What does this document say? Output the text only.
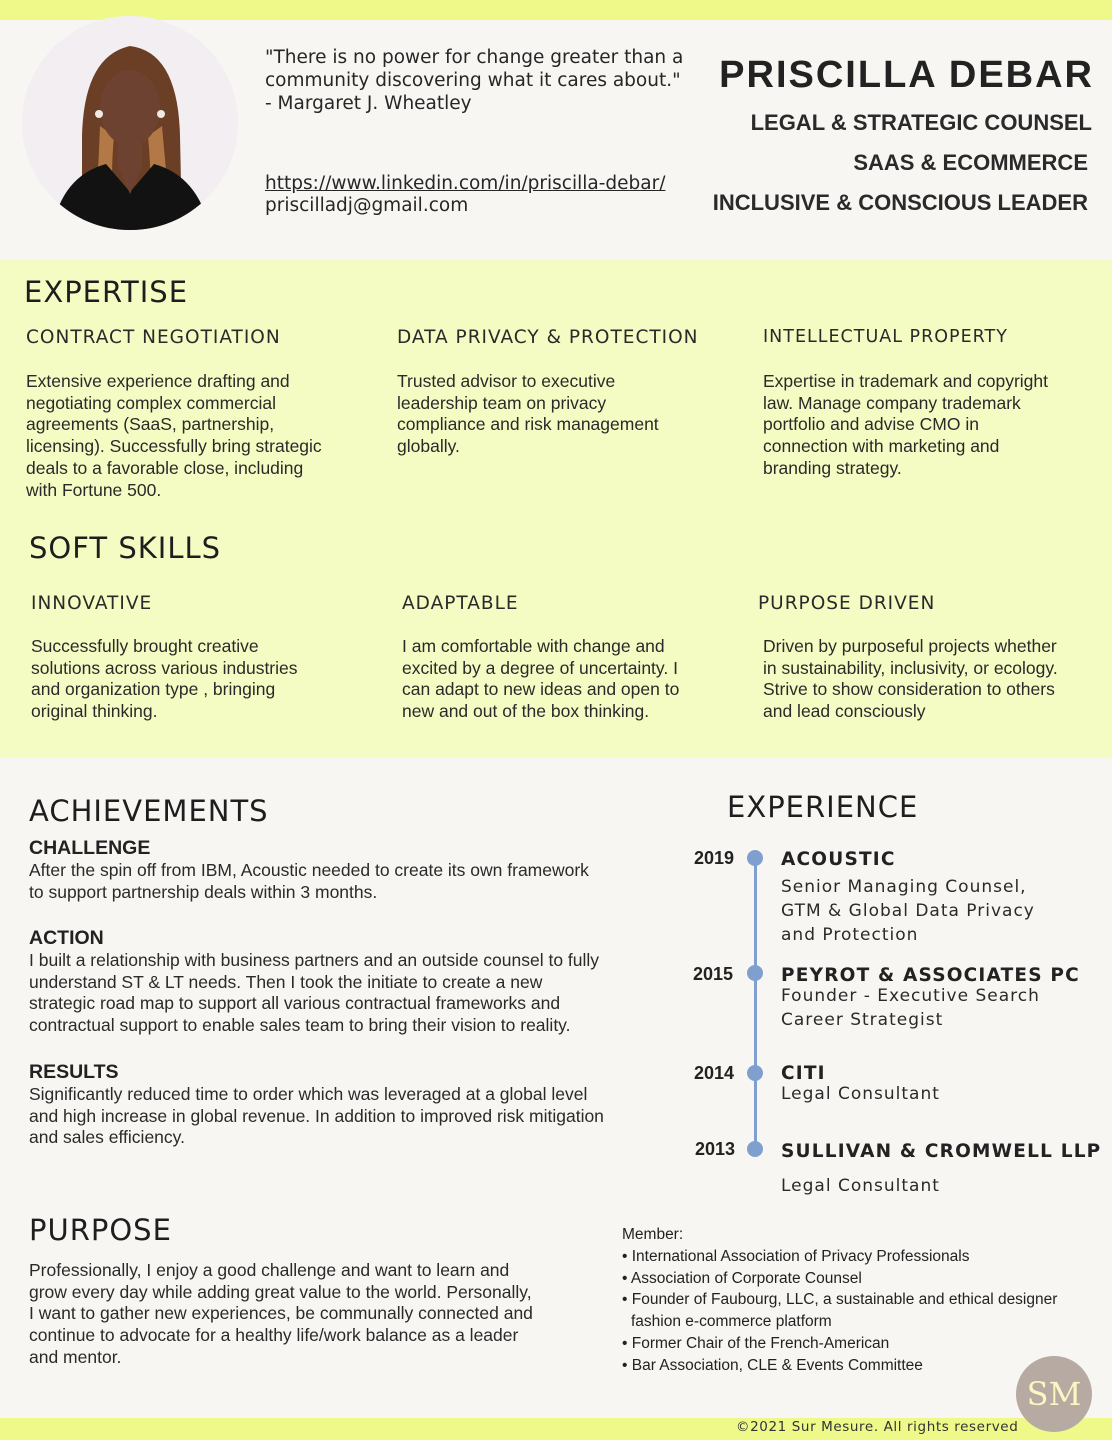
"There is no power for change greater than a
community discovering what it cares about."
- Margaret J. Wheatley
https://www.linkedin.com/in/priscilla-debar/
priscilladj@gmail.com
PRISCILLA DEBAR
LEGAL & STRATEGIC COUNSEL
SAAS & ECOMMERCE
INCLUSIVE & CONSCIOUS LEADER
EXPERTISE
CONTRACT NEGOTIATION
Extensive experience drafting and
negotiating complex commercial
agreements (SaaS, partnership,
licensing). Successfully bring strategic
deals to a favorable close, including
with Fortune 500.
DATA PRIVACY & PROTECTION
Trusted advisor to executive
leadership team on privacy
compliance and risk management
globally.
INTELLECTUAL PROPERTY
Expertise in trademark and copyright
law. Manage company trademark
portfolio and advise CMO in
connection with marketing and
branding strategy.
SOFT SKILLS
INNOVATIVE
Successfully brought creative
solutions across various industries
and organization type , bringing
original thinking.
ADAPTABLE
I am comfortable with change and
excited by a degree of uncertainty. I
can adapt to new ideas and open to
new and out of the box thinking.
PURPOSE DRIVEN
Driven by purposeful projects whether
in sustainability, inclusivity, or ecology.
Strive to show consideration to others
and lead consciously
ACHIEVEMENTS
CHALLENGE
After the spin off from IBM, Acoustic needed to create its own framework
to support partnership deals within 3 months.
ACTION
I built a relationship with business partners and an outside counsel to fully
understand ST & LT needs. Then I took the initiate to create a new
strategic road map to support all various contractual frameworks and
contractual support to enable sales team to bring their vision to reality.
RESULTS
Significantly reduced time to order which was leveraged at a global level
and high increase in global revenue. In addition to improved risk mitigation
and sales efficiency.
EXPERIENCE
2019	ACOUSTIC
Senior Managing Counsel,
GTM & Global Data Privacy
and Protection
2015	PEYROT & ASSOCIATES PC
Founder - Executive Search
Career Strategist
2014	CITI
Legal Consultant
2013 SULLIVAN & CROMWELL LLP
Legal Consultant
PURPOSE
Professionally, I enjoy a good challenge and want to learn and
grow every day while adding great value to the world. Personally,
I want to gather new experiences, be communally connected and
continue to advocate for a healthy life/work balance as a leader
and mentor.
Member:
• International Association of Privacy Professionals
• Association of Corporate Counsel
• Founder of Faubourg, LLC, a sustainable and ethical designer
fashion e-commerce platform
• Former Chair of the French-American
• Bar Association, CLE & Events Committee
SM
©2021 Sur Mesure. All rights reserved
